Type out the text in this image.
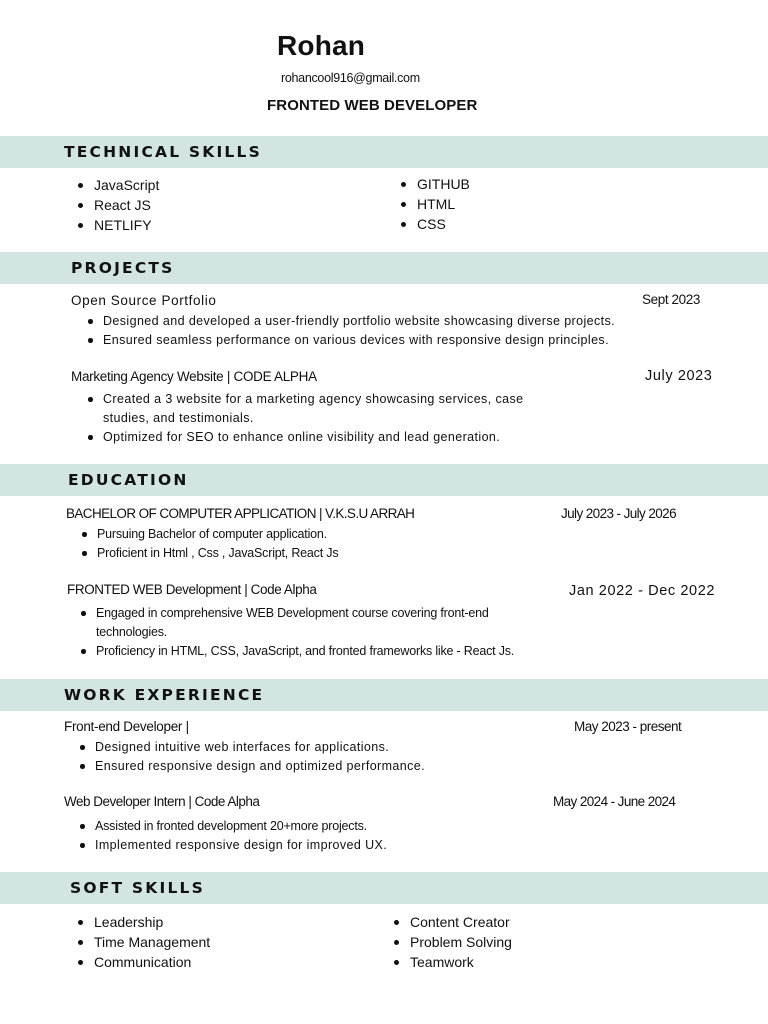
Rohan
rohancool916@gmail.com
FRONTED WEB DEVELOPER
TECHNICAL SKILLS
JavaScript
React JS
NETLIFY
GITHUB
HTML
CSS
PROJECTS
Open Source Portfolio	Sept 2023
Designed and developed a user-friendly portfolio website showcasing diverse projects.
Ensured seamless performance on various devices with responsive design principles.
Marketing Agency Website | CODE ALPHA	July 2023
Created a 3 website for a marketing agency showcasing services, case studies, and testimonials.
Optimized for SEO to enhance online visibility and lead generation.
EDUCATION
BACHELOR OF COMPUTER APPLICATION | V.K.S.U ARRAH	July 2023 - July 2026
Pursuing Bachelor of computer application.
Proficient in Html , Css , JavaScript, React Js
FRONTED WEB Development | Code Alpha	Jan 2022 - Dec 2022
Engaged in comprehensive WEB Development course covering front-end technologies.
Proficiency in HTML, CSS, JavaScript, and fronted frameworks like - React Js.
WORK EXPERIENCE
Front-end Developer |	May 2023 - present
Designed intuitive web interfaces for applications.
Ensured responsive design and optimized performance.
Web Developer Intern | Code Alpha	May 2024 - June 2024
Assisted in fronted development 20+more projects.
Implemented responsive design for improved UX.
SOFT SKILLS
Leadership
Time Management
Communication
Content Creator
Problem Solving
Teamwork
